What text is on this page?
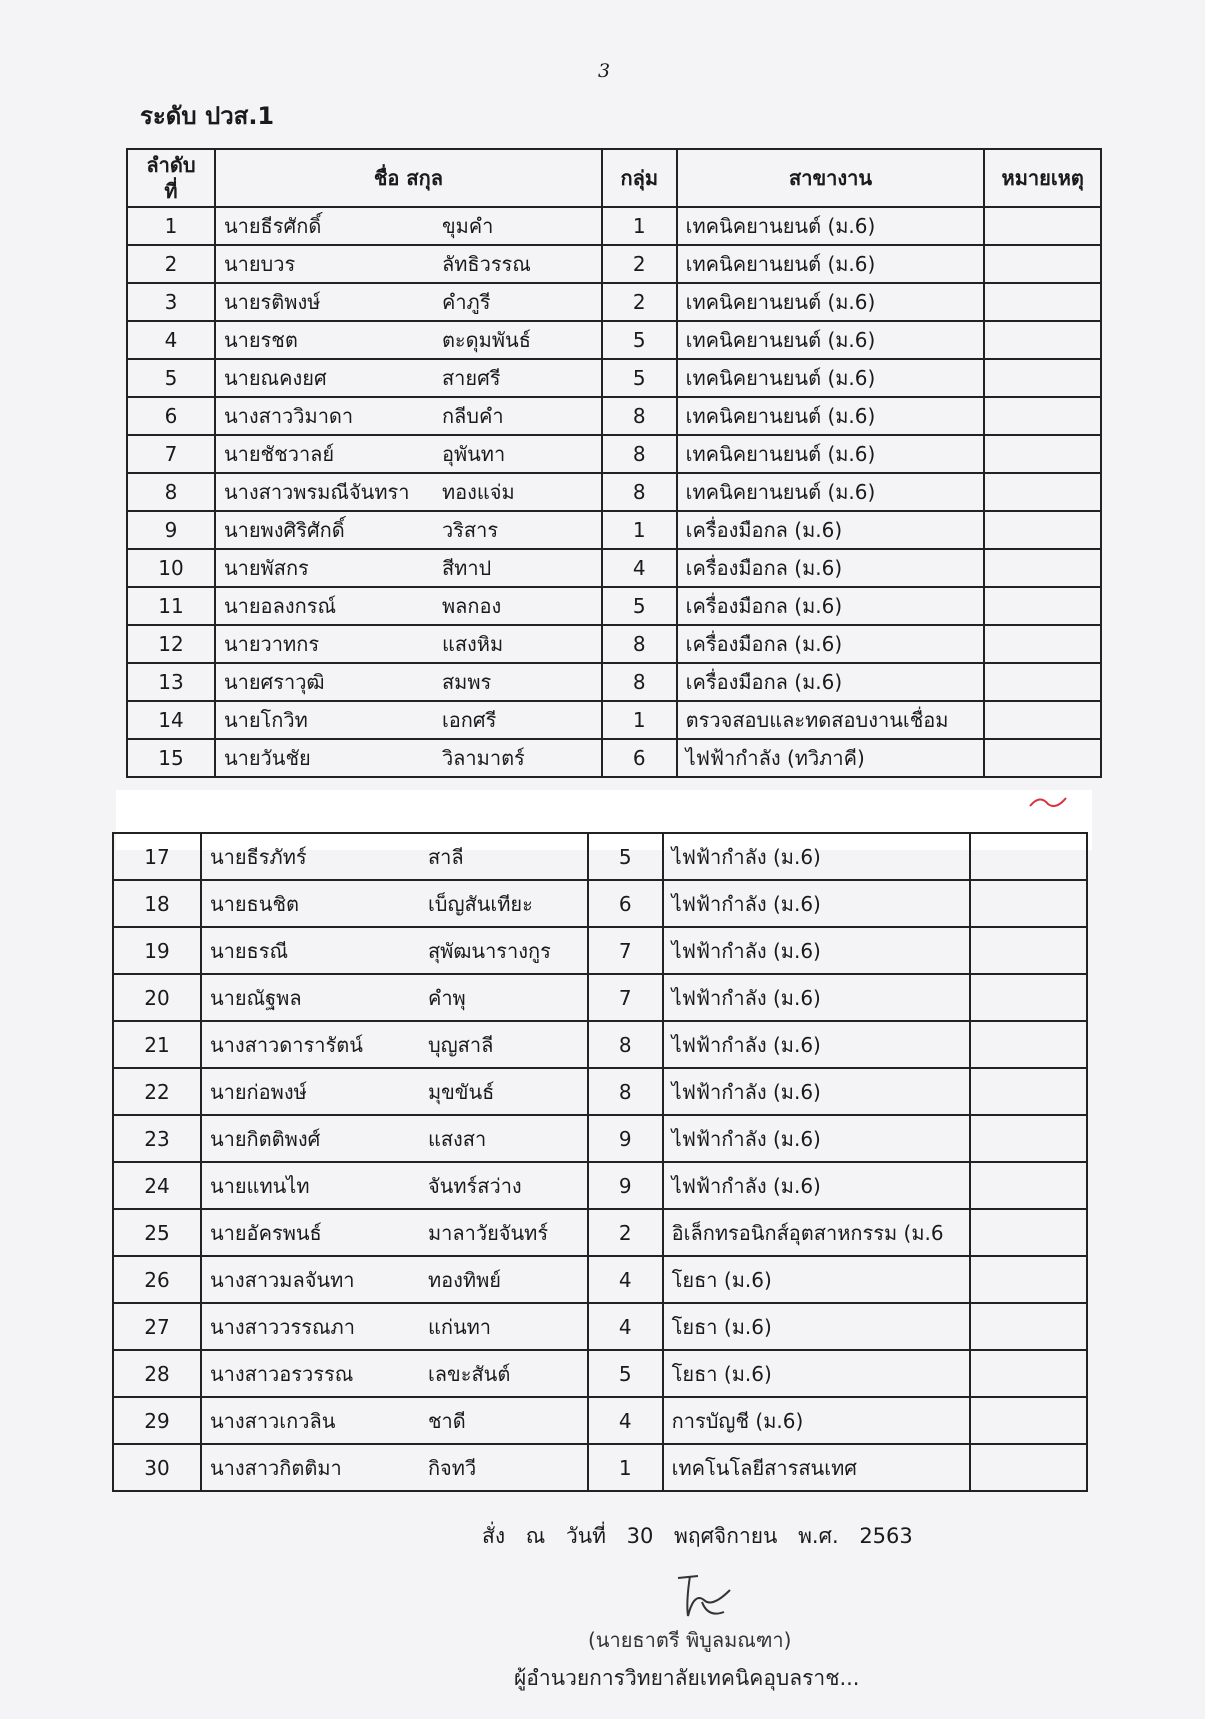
3
ระดับ ปวส.1
ลำดับ
ที่	ชื่อ สกุล	กลุ่ม	สาขางาน	หมายเหตุ
1	นายธีรศักดิ์ ขุมคำ	1	เทคนิคยานยนต์ (ม.6)	
2	นายบวร ลัทธิวรรณ	2	เทคนิคยานยนต์ (ม.6)	
3	นายรติพงษ์ คำภูรี	2	เทคนิคยานยนต์ (ม.6)	
4	นายรชต ตะดุมพันธ์	5	เทคนิคยานยนต์ (ม.6)	
5	นายณคงยศ สายศรี	5	เทคนิคยานยนต์ (ม.6)	
6	นางสาววิมาดา กลีบคำ	8	เทคนิคยานยนต์ (ม.6)	
7	นายชัชวาลย์ อุพันทา	8	เทคนิคยานยนต์ (ม.6)	
8	นางสาวพรมณีจันทรา ทองแจ่ม	8	เทคนิคยานยนต์ (ม.6)	
9	นายพงศิริศักดิ์ วริสาร	1	เครื่องมือกล (ม.6)	
10	นายพัสกร สีทาป	4	เครื่องมือกล (ม.6)	
11	นายอลงกรณ์ พลกอง	5	เครื่องมือกล (ม.6)	
12	นายวาทกร แสงหิม	8	เครื่องมือกล (ม.6)	
13	นายศราวุฒิ สมพร	8	เครื่องมือกล (ม.6)	
14	นายโกวิท เอกศรี	1	ตรวจสอบและทดสอบงานเชื่อม	
15	นายวันชัย วิลามาตร์	6	ไฟฟ้ากำลัง (ทวิภาคี)	
17	นายธีรภัทร์ สาลี	5	ไฟฟ้ากำลัง (ม.6)	
18	นายธนชิต เบ็ญสันเทียะ	6	ไฟฟ้ากำลัง (ม.6)	
19	นายธรณี สุพัฒนารางกูร	7	ไฟฟ้ากำลัง (ม.6)	
20	นายณัฐพล คำพุ	7	ไฟฟ้ากำลัง (ม.6)	
21	นางสาวดารารัตน์ บุญสาลี	8	ไฟฟ้ากำลัง (ม.6)	
22	นายก่อพงษ์ มุขขันธ์	8	ไฟฟ้ากำลัง (ม.6)	
23	นายกิตติพงศ์ แสงสา	9	ไฟฟ้ากำลัง (ม.6)	
24	นายแทนไท จันทร์สว่าง	9	ไฟฟ้ากำลัง (ม.6)	
25	นายอัครพนธ์ มาลาวัยจันทร์	2	อิเล็กทรอนิกส์อุตสาหกรรม (ม.6	
26	นางสาวมลจันทา ทองทิพย์	4	โยธา (ม.6)	
27	นางสาววรรณภา แก่นทา	4	โยธา (ม.6)	
28	นางสาวอรวรรณ เลขะสันต์	5	โยธา (ม.6)	
29	นางสาวเกวลิน ชาดี	4	การบัญชี (ม.6)	
30	นางสาวกิตติมา กิจทวี	1	เทคโนโลยีสารสนเทศ	
สั่ง ณ วันที่ 30 พฤศจิกายน พ.ศ. 2563
(นายธาตรี พิบูลมณฑา)
ผู้อำนวยการวิทยาลัยเทคนิคอุบลราช...
